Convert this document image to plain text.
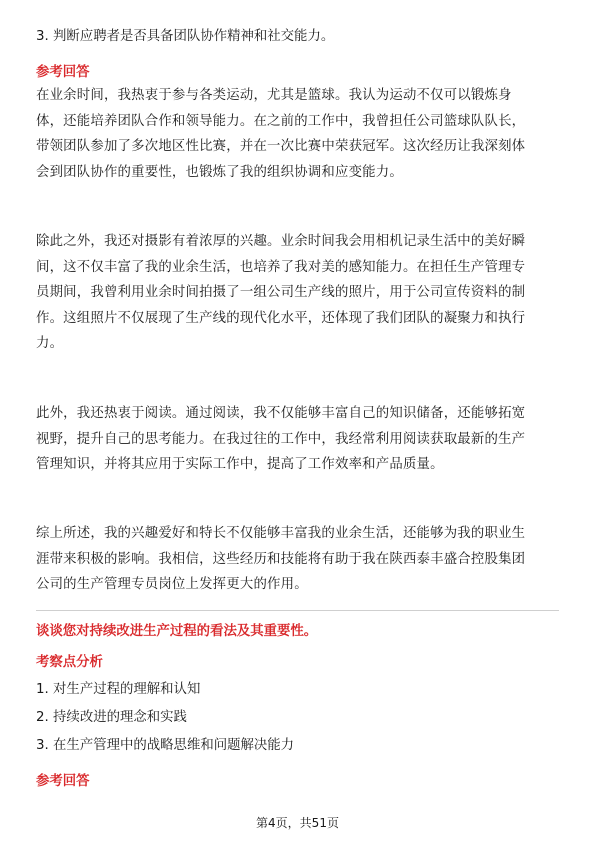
3. 判断应聘者是否具备团队协作精神和社交能力。

参考回答

在业余时间，我热衷于参与各类运动，尤其是篮球。我认为运动不仅可以锻炼身
体，还能培养团队合作和领导能力。在之前的工作中，我曾担任公司篮球队队长，
带领团队参加了多次地区性比赛，并在一次比赛中荣获冠军。这次经历让我深刻体
会到团队协作的重要性，也锻炼了我的组织协调和应变能力。
除此之外，我还对摄影有着浓厚的兴趣。业余时间我会用相机记录生活中的美好瞬
间，这不仅丰富了我的业余生活，也培养了我对美的感知能力。在担任生产管理专
员期间，我曾利用业余时间拍摄了一组公司生产线的照片，用于公司宣传资料的制
作。这组照片不仅展现了生产线的现代化水平，还体现了我们团队的凝聚力和执行
力。
此外，我还热衷于阅读。通过阅读，我不仅能够丰富自己的知识储备，还能够拓宽
视野，提升自己的思考能力。在我过往的工作中，我经常利用阅读获取最新的生产
管理知识，并将其应用于实际工作中，提高了工作效率和产品质量。
综上所述，我的兴趣爱好和特长不仅能够丰富我的业余生活，还能够为我的职业生
涯带来积极的影响。我相信，这些经历和技能将有助于我在陕西泰丰盛合控股集团
公司的生产管理专员岗位上发挥更大的作用。

谈谈您对持续改进生产过程的看法及其重要性。

考察点分析

1. 对生产过程的理解和认知

2. 持续改进的理念和实践

3. 在生产管理中的战略思维和问题解决能力

参考回答

第4页，共51页
